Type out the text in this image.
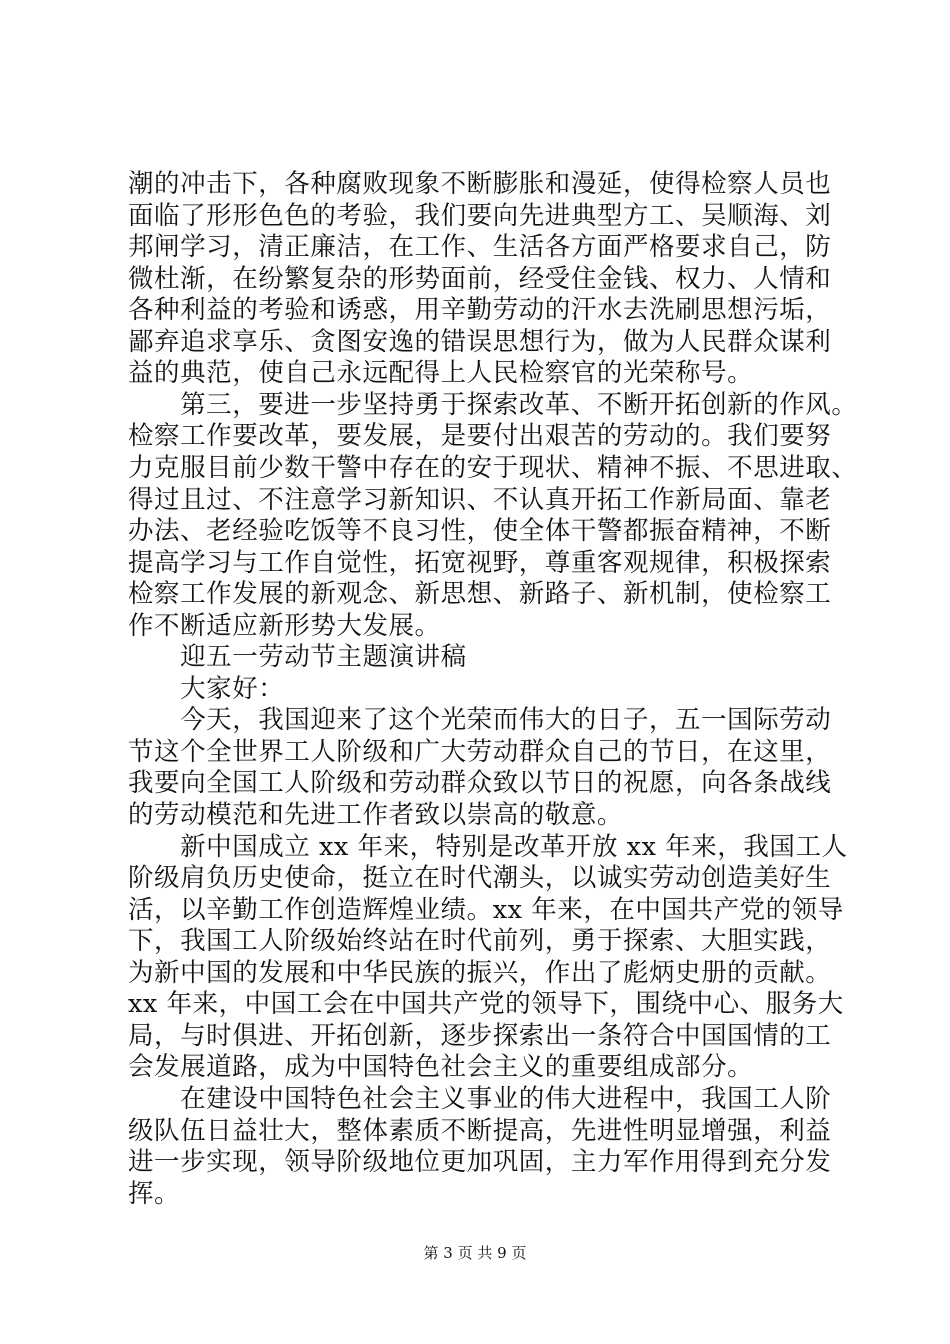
潮的冲击下，各种腐败现象不断膨胀和漫延，使得检察人员也
面临了形形色色的考验，我们要向先进典型方工、吴顺海、刘
邦闸学习，清正廉洁，在工作、生活各方面严格要求自己，防
微杜渐，在纷繁复杂的形势面前，经受住金钱、权力、人情和
各种利益的考验和诱惑，用辛勤劳动的汗水去洗刷思想污垢，
鄙弃追求享乐、贪图安逸的错误思想行为，做为人民群众谋利
益的典范，使自己永远配得上人民检察官的光荣称号。
　　第三，要进一步坚持勇于探索改革、不断开拓创新的作风。
检察工作要改革，要发展，是要付出艰苦的劳动的。我们要努
力克服目前少数干警中存在的安于现状、精神不振、不思进取、
得过且过、不注意学习新知识、不认真开拓工作新局面、靠老
办法、老经验吃饭等不良习性，使全体干警都振奋精神，不断
提高学习与工作自觉性，拓宽视野，尊重客观规律，积极探索
检察工作发展的新观念、新思想、新路子、新机制，使检察工
作不断适应新形势大发展。
　　迎五一劳动节主题演讲稿
　　大家好：
　　今天，我国迎来了这个光荣而伟大的日子，五一国际劳动
节这个全世界工人阶级和广大劳动群众自己的节日，在这里，
我要向全国工人阶级和劳动群众致以节日的祝愿，向各条战线
的劳动模范和先进工作者致以崇高的敬意。
　　新中国成立 xx 年来，特别是改革开放 xx 年来，我国工人
阶级肩负历史使命，挺立在时代潮头，以诚实劳动创造美好生
活，以辛勤工作创造辉煌业绩。xx 年来，在中国共产党的领导
下，我国工人阶级始终站在时代前列，勇于探索、大胆实践，
为新中国的发展和中华民族的振兴，作出了彪炳史册的贡献。
xx 年来，中国工会在中国共产党的领导下，围绕中心、服务大
局，与时俱进、开拓创新，逐步探索出一条符合中国国情的工
会发展道路，成为中国特色社会主义的重要组成部分。
　　在建设中国特色社会主义事业的伟大进程中，我国工人阶
级队伍日益壮大，整体素质不断提高，先进性明显增强，利益
进一步实现，领导阶级地位更加巩固，主力军作用得到充分发
挥。
第 3 页 共 9 页
